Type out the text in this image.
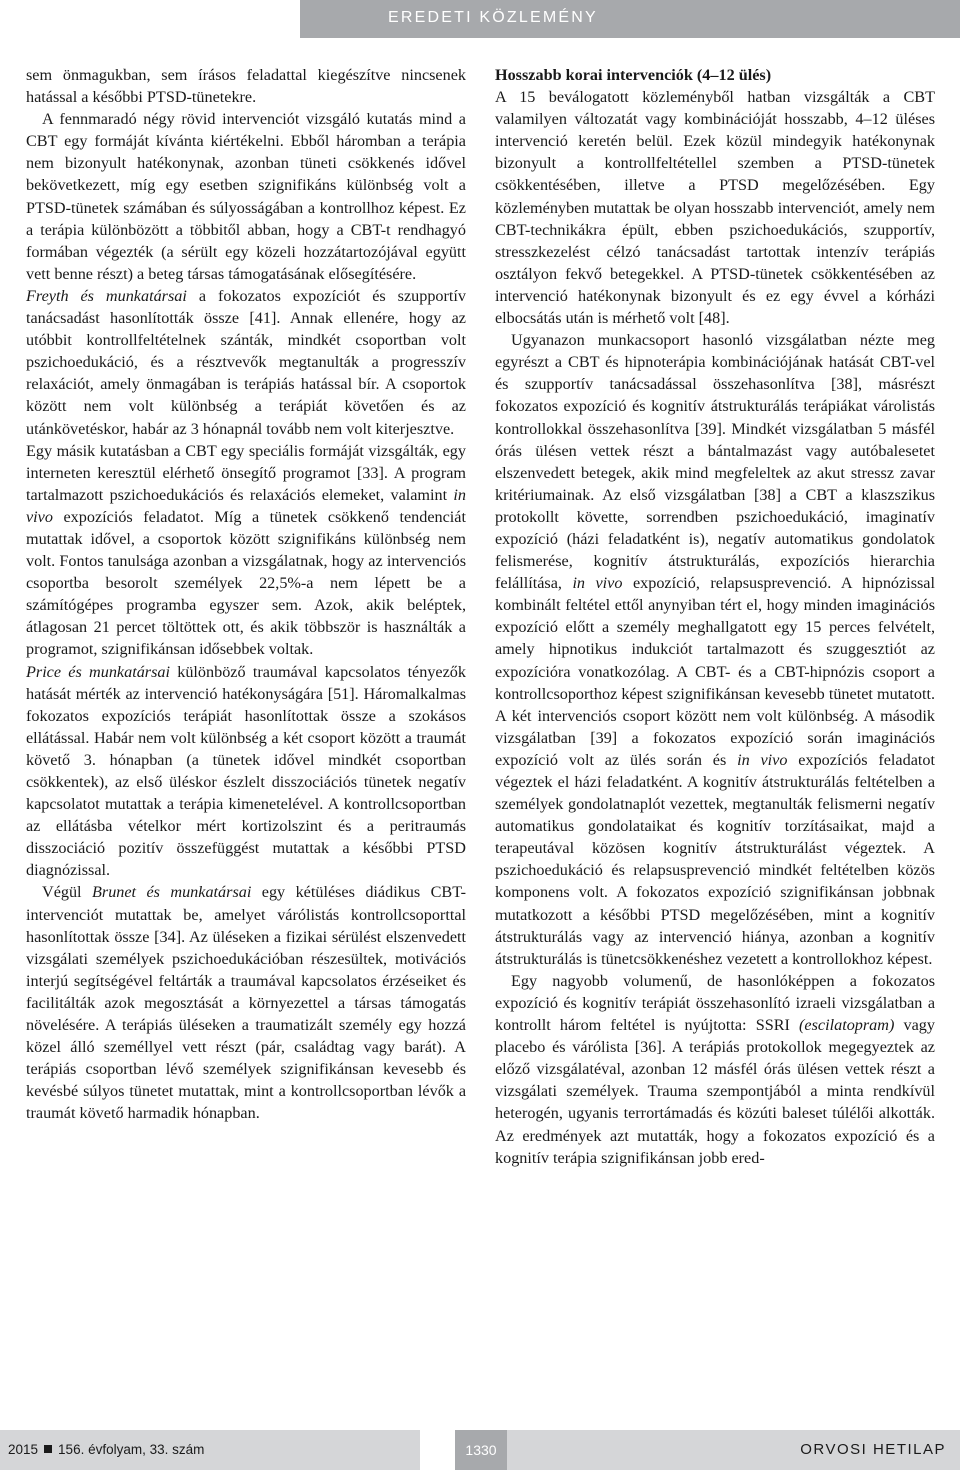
EREDETI KÖZLEMÉNY

sem önmagukban, sem írásos feladattal kiegészítve nincsenek hatással a későbbi PTSD-tünetekre.

A fennmaradó négy rövid intervenciót vizsgáló kutatás mind a CBT egy formáját kívánta kiértékelni. Ebből háromban a terápia nem bizonyult hatékonynak, azonban tüneti csökkenés idővel bekövetkezett, míg egy esetben szignifikáns különbség volt a PTSD-tünetek számában és súlyosságában a kontrollhoz képest. Ez a terápia különbözött a többitől abban, hogy a CBT-t rendhagyó formában végezték (a sérült egy közeli hozzátartozójával együtt vett benne részt) a beteg társas támogatásának elősegítésére.

Freyth és munkatársai a fokozatos expozíciót és szupportív tanácsadást hasonlították össze [41]. Annak ellenére, hogy az utóbbit kontrollfeltételnek szánták, mindkét csoportban volt pszichoedukáció, és a résztvevők megtanulták a progresszív relaxációt, amely önmagában is terápiás hatással bír. A csoportok között nem volt különbség a terápiát követően és az utánkövetéskor, habár az 3 hónapnál tovább nem volt kiterjesztve.

Egy másik kutatásban a CBT egy speciális formáját vizsgálták, egy interneten keresztül elérhető önsegítő programot [33]. A program tartalmazott pszichoedukációs és relaxációs elemeket, valamint in vivo expozíciós feladatot. Míg a tünetek csökkenő tendenciát mutattak idővel, a csoportok között szignifikáns különbség nem volt. Fontos tanulsága azonban a vizsgálatnak, hogy az intervenciós csoportba besorolt személyek 22,5%-a nem lépett be a számítógépes programba egyszer sem. Azok, akik beléptek, átlagosan 21 percet töltöttek ott, és akik többször is használták a programot, szignifikánsan idősebbek voltak.

Price és munkatársai különböző traumával kapcsolatos tényezők hatását mérték az intervenció hatékonyságára [51]. Háromalkalmas fokozatos expozíciós terápiát hasonlítottak össze a szokásos ellátással. Habár nem volt különbség a két csoport között a traumát követő 3. hónapban (a tünetek idővel mindkét csoportban csökkentek), az első üléskor észlelt disszociációs tünetek negatív kapcsolatot mutattak a terápia kimenetelével. A kontrollcsoportban az ellátásba vételkor mért kortizolszint és a peritraumás disszociáció pozitív összefüggést mutattak a későbbi PTSD diagnózissal.

Végül Brunet és munkatársai egy kétüléses diádikus CBT-intervenciót mutattak be, amelyet várólistás kontrollcsoporttal hasonlítottak össze [34]. Az üléseken a fizikai sérülést elszenvedett vizsgálati személyek pszichoedukációban részesültek, motivációs interjú segítségével feltárták a traumával kapcsolatos érzéseiket és facilitálták azok megosztását a környezettel a társas támogatás növelésére. A terápiás üléseken a traumatizált személy egy hozzá közel álló személlyel vett részt (pár, családtag vagy barát). A terápiás csoportban lévő személyek szignifikánsan kevesebb és kevésbé súlyos tünetet mutattak, mint a kontrollcsoportban lévők a traumát követő harmadik hónapban.

Hosszabb korai intervenciók (4–12 ülés)

A 15 beválogatott közleményből hatban vizsgálták a CBT valamilyen változatát vagy kombinációját hosszabb, 4–12 üléses intervenció keretén belül. Ezek közül mindegyik hatékonynak bizonyult a kontrollfeltétellel szemben a PTSD-tünetek csökkentésében, illetve a PTSD megelőzésében. Egy közleményben mutattak be olyan hosszabb intervenciót, amely nem CBT-technikákra épült, ebben pszichoedukációs, szupportív, stresszkezelést célzó tanácsadást tartottak intenzív terápiás osztályon fekvő betegekkel. A PTSD-tünetek csökkentésében az intervenció hatékonynak bizonyult és ez egy évvel a kórházi elbocsátás után is mérhető volt [48].

Ugyanazon munkacsoport hasonló vizsgálatban nézte meg egyrészt a CBT és hipnoterápia kombinációjának hatását CBT-vel és szupportív tanácsadással összehasonlítva [38], másrészt fokozatos expozíció és kognitív átstrukturálás terápiákat várolistás kontrollokkal összehasonlítva [39]. Mindkét vizsgálatban 5 másfél órás ülésen vettek részt a bántalmazást vagy autóbalesetet elszenvedett betegek, akik mind megfeleltek az akut stressz zavar kritériumainak. Az első vizsgálatban [38] a CBT a klaszszikus protokollt követte, sorrendben pszichoedukáció, imaginatív expozíció (házi feladatként is), negatív automatikus gondolatok felismerése, kognitív átstrukturálás, expozíciós hierarchia felállítása, in vivo expozíció, relapsusprevenció. A hipnózissal kombinált feltétel ettől anynyiban tért el, hogy minden imaginációs expozíció előtt a személy meghallgatott egy 15 perces felvételt, amely hipnotikus indukciót tartalmazott és szuggesztiót az expozícióra vonatkozólag. A CBT- és a CBT-hipnózis csoport a kontrollcsoporthoz képest szignifikánsan kevesebb tünetet mutatott. A két intervenciós csoport között nem volt különbség. A második vizsgálatban [39] a fokozatos expozíció során imaginációs expozíció volt az ülés során és in vivo expozíciós feladatot végeztek el házi feladatként. A kognitív átstrukturálás feltételben a személyek gondolatnaplót vezettek, megtanulták felismerni negatív automatikus gondolataikat és kognitív torzításaikat, majd a terapeutával közösen kognitív átstrukturálást végeztek. A pszichoedukáció és relapsusprevenció mindkét feltételben közös komponens volt. A fokozatos expozíció szignifikánsan jobbnak mutatkozott a későbbi PTSD megelőzésében, mint a kognitív átstrukturálás vagy az intervenció hiánya, azonban a kognitív átstrukturálás is tünetcsökkenéshez vezetett a kontrollokhoz képest.

Egy nagyobb volumenű, de hasonlóképpen a fokozatos expozíció és kognitív terápiát összehasonlító izraeli vizsgálatban a kontrollt három feltétel is nyújtotta: SSRI (escilatopram) vagy placebo és várólista [36]. A terápiás protokollok megegyeztek az előző vizsgálatéval, azonban 12 másfél órás ülésen vettek részt a vizsgálati személyek. Trauma szempontjából a minta rendkívül heterogén, ugyanis terrortámadás és közúti baleset túlélői alkották. Az eredmények azt mutatták, hogy a fokozatos expozíció és a kognitív terápia szignifikánsan jobb ered-

2015 156. évfolyam, 33. szám	1330	ORVOSI HETILAP
